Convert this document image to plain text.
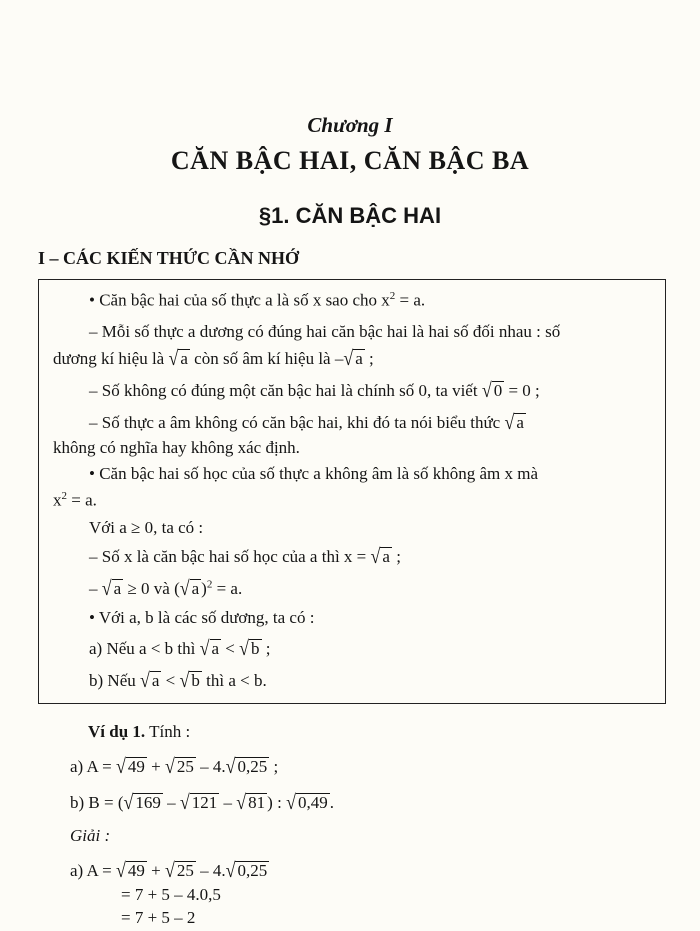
Chương I
CĂN BẬC HAI, CĂN BẬC BA
§1. CĂN BẬC HAI
I – CÁC KIẾN THỨC CẦN NHỚ
• Căn bậc hai của số thực a là số x sao cho $x^2 = a$.
– Mỗi số thực a dương có đúng hai căn bậc hai là hai số đối nhau : số
dương kí hiệu là √ a còn số âm kí hiệu là –√ a ;
– Số không có đúng một căn bậc hai là chính số 0, ta viết √ 0 = 0 ;
– Số thực a âm không có căn bậc hai, khi đó ta nói biểu thức √ a
không có nghĩa hay không xác định.
• Căn bậc hai số học của số thực a không âm là số không âm x mà
$x^2 = a$.
Với a ≥ 0, ta có :
– Số x là căn bậc hai số học của a thì x = √ a ;
– √ a ≥ 0 và (√ a )$^2$ = a.
• Với a, b là các số dương, ta có :
a) Nếu a < b thì √ a < √ b ;
b) Nếu √ a < √ b thì a < b.
Ví dụ 1. Tính :
a) A = √ 49 + √ 25 – 4.√ 0,25 ;
b) B = (√ 169 – √ 121 – √ 81 ) : √ 0,49 .
Giải :
a) A = √ 49 + √ 25 – 4.√ 0,25
= 7 + 5 – 4.0,5
= 7 + 5 – 2
